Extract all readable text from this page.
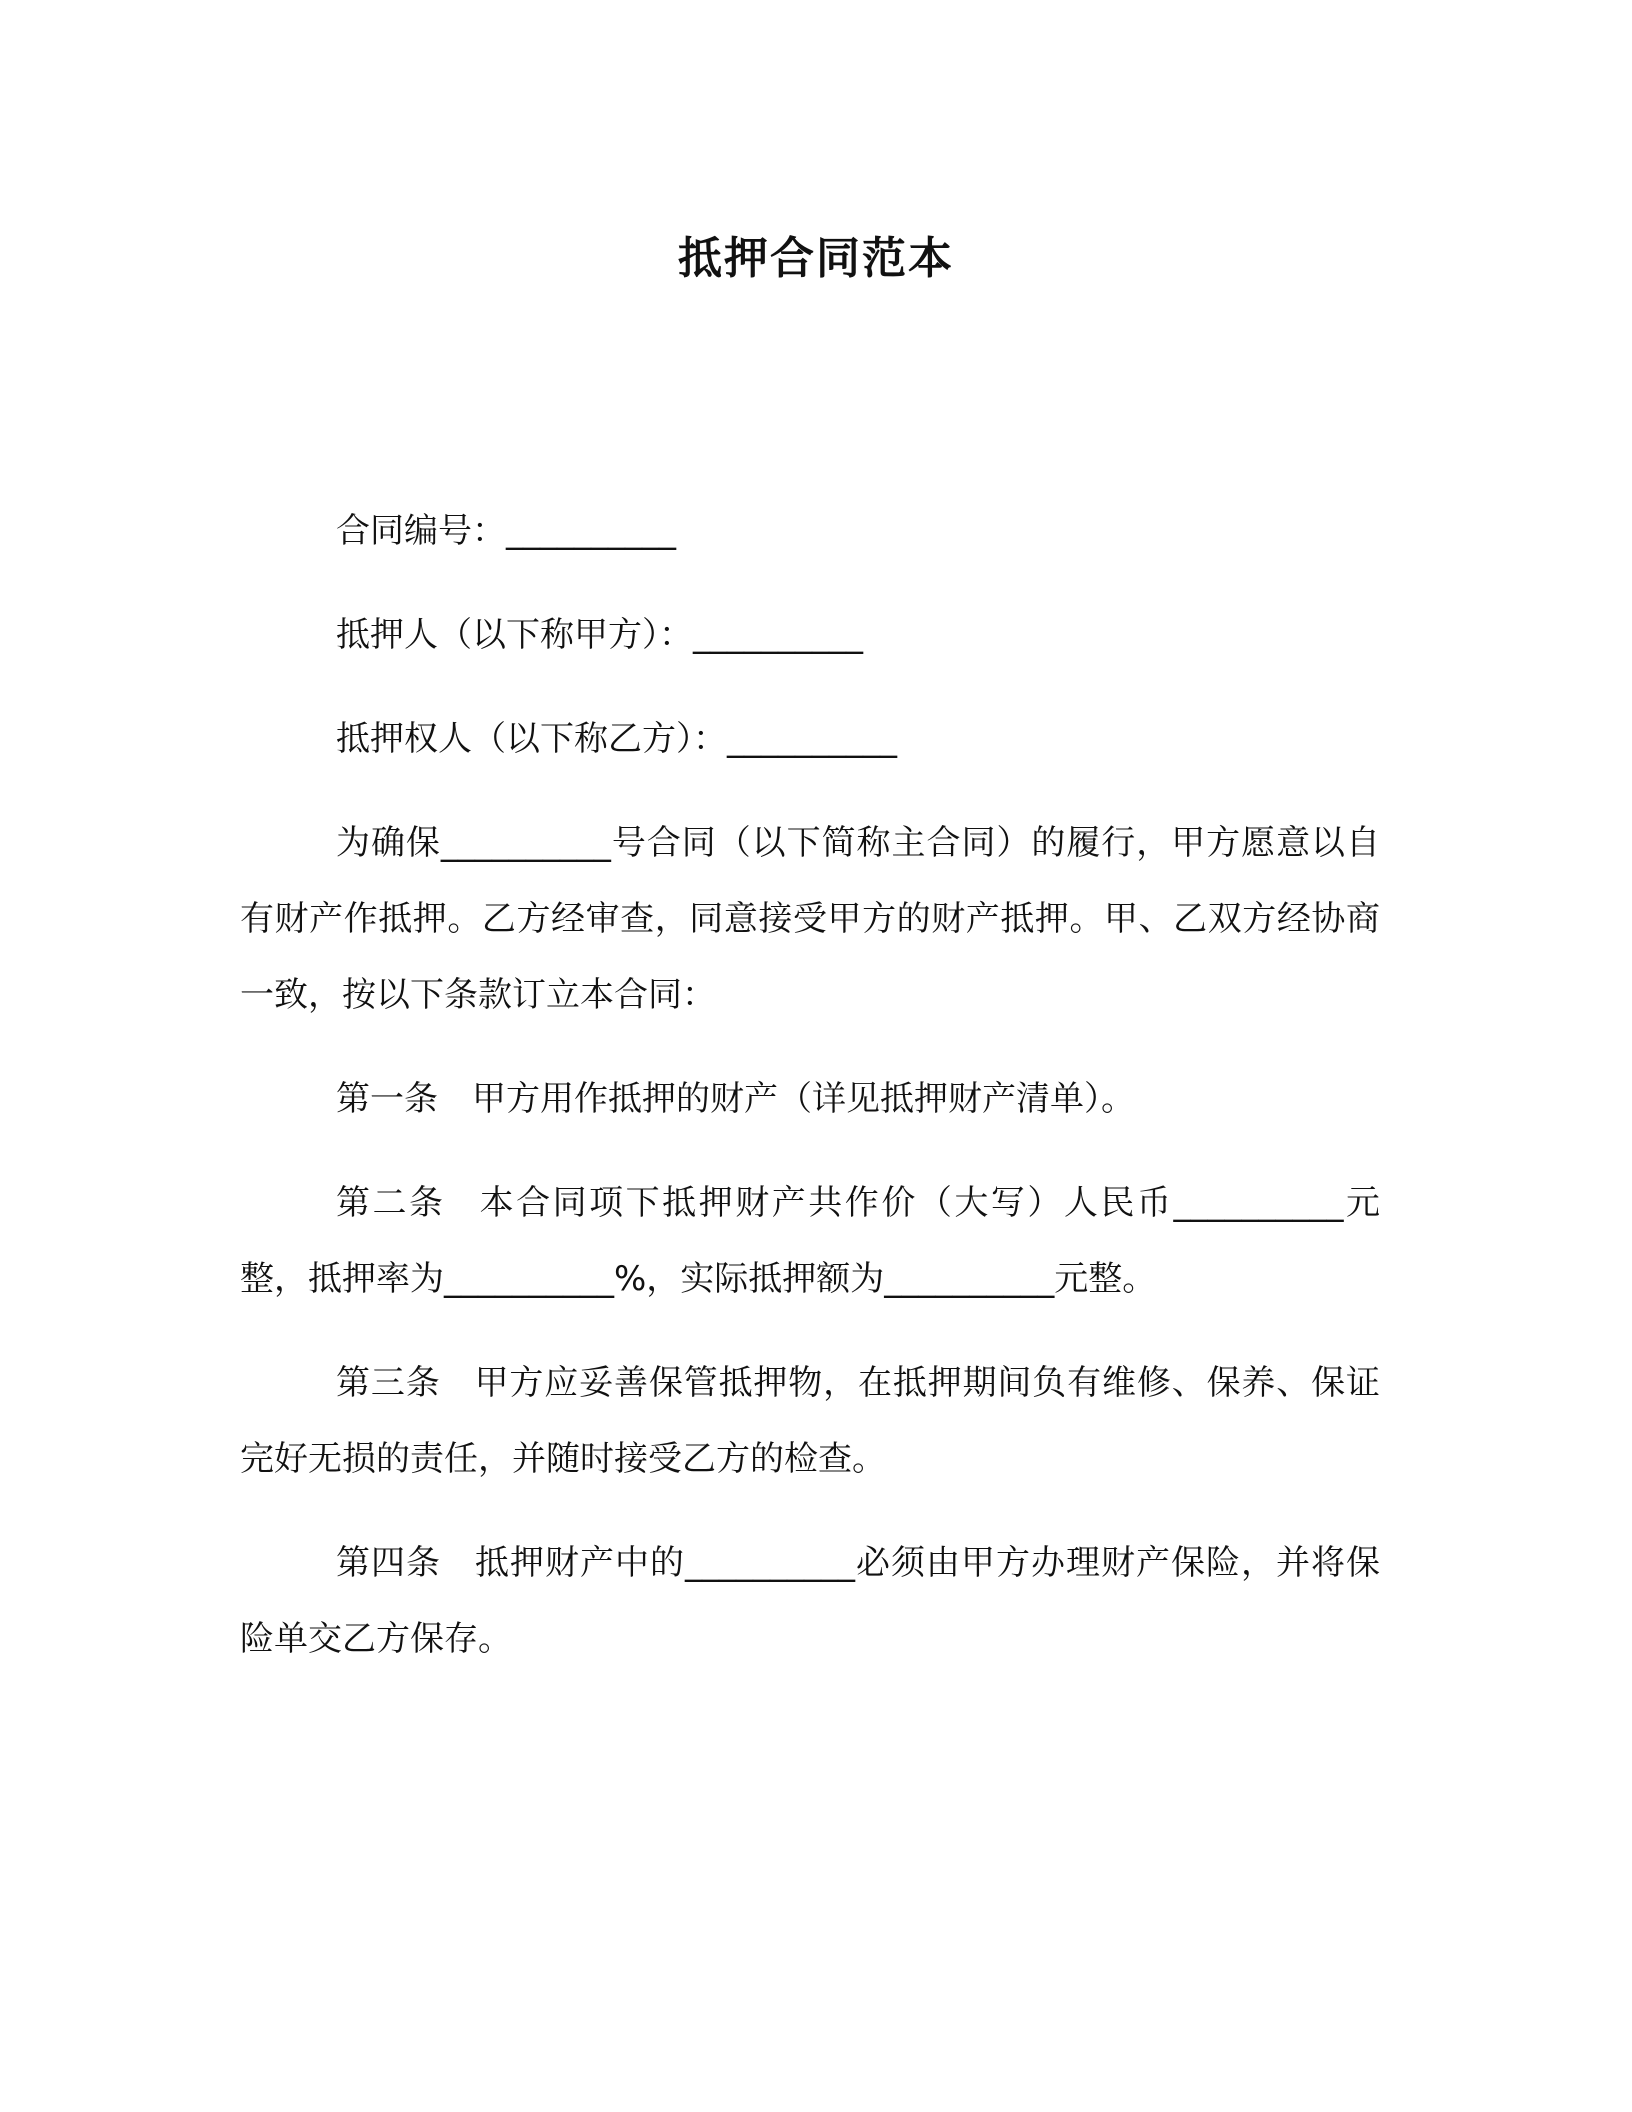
抵押合同范本

合同编号：__________

抵押人（以下称甲方）：__________

抵押权人（以下称乙方）：__________

为确保__________号合同（以下简称主合同）的履行，甲方愿意以自有财产作抵押。乙方经审查，同意接受甲方的财产抵押。甲、乙双方经协商一致，按以下条款订立本合同：

第一条 甲方用作抵押的财产（详见抵押财产清单）。

第二条 本合同项下抵押财产共作价（大写）人民币__________元整，抵押率为__________%，实际抵押额为__________元整。

第三条 甲方应妥善保管抵押物，在抵押期间负有维修、保养、保证完好无损的责任，并随时接受乙方的检查。

第四条 抵押财产中的__________必须由甲方办理财产保险，并将保险单交乙方保存。
